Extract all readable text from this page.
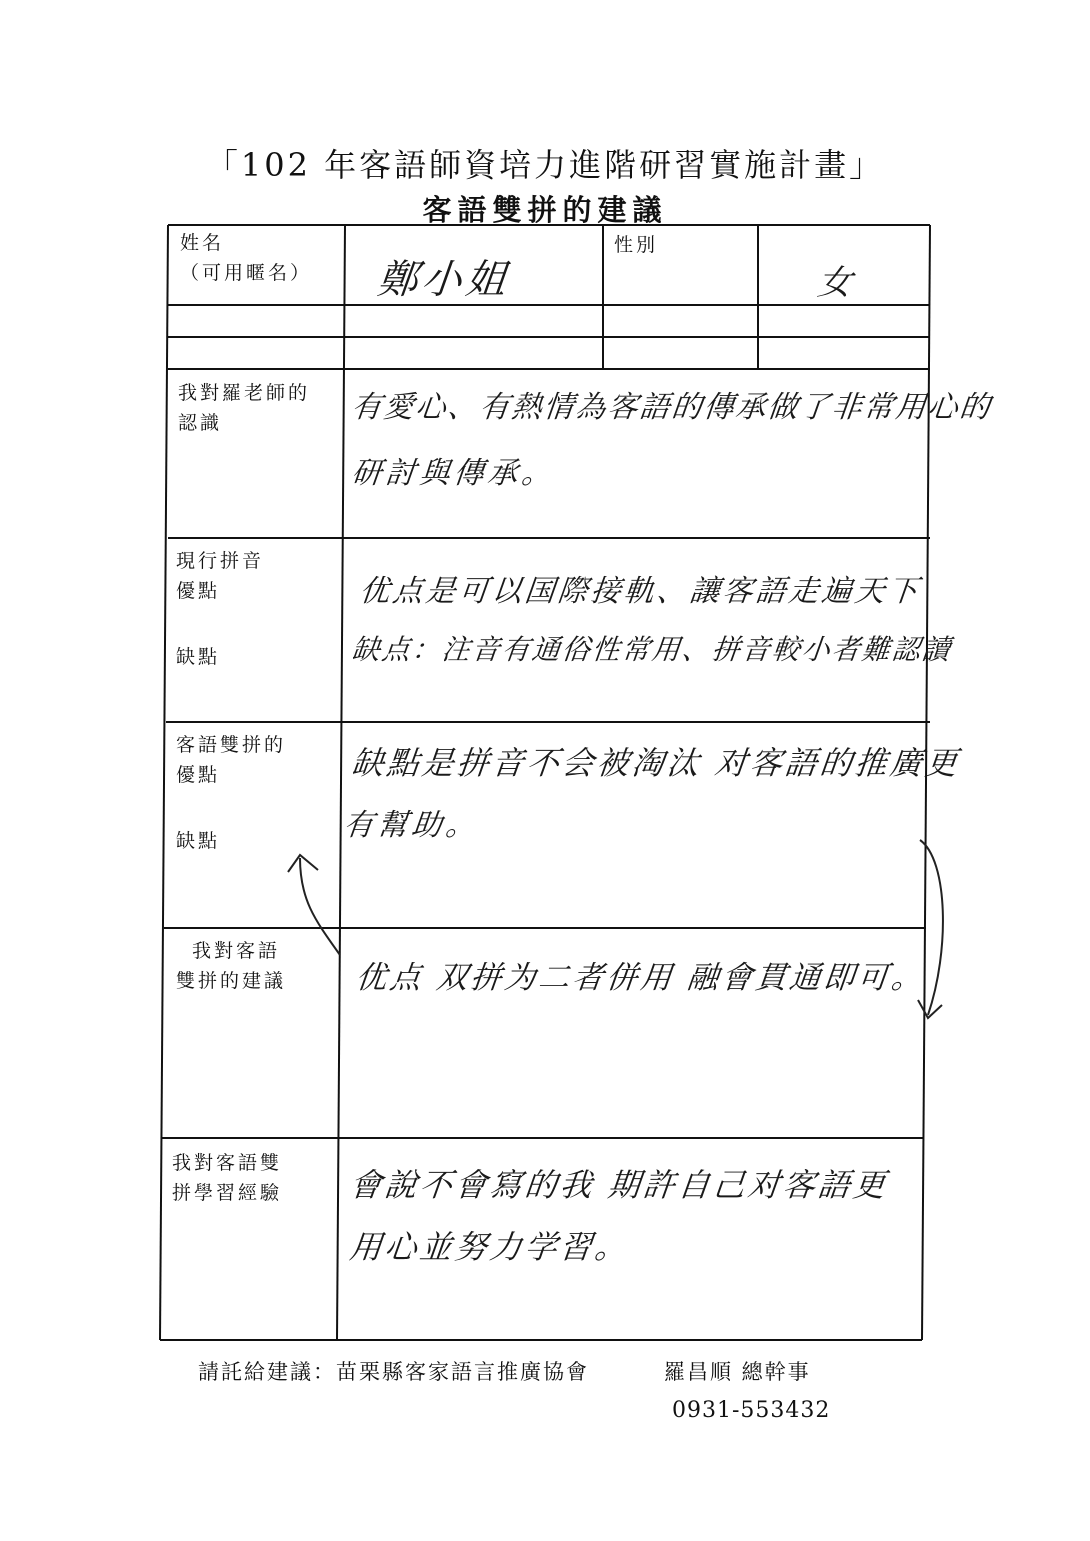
「102 年客語師資培力進階研習實施計畫」
客語雙拼的建議
姓名
（可用暱名） 鄭小姐
性別
女
我對羅老師的
認識	有愛心、有熱情為客語的傳承做了非常用心的
研討與傳承。
現行拼音
優點
缺點
优点是可以国際接軌、讓客語走遍天下
缺点：注音有通俗性常用、拼音較小者難認讀
客語雙拼的
優點
缺點
缺點是拼音不会被淘汰 对客語的推廣更
有幫助。
我對客語
雙拼的建議 优点 双拼为二者併用 融會貫通即可。
我對客語雙
拼學習經驗 會說不會寫的我 期許自己对客語更
用心並努力学習。
請託給建議：苗栗縣客家語言推廣協會	羅昌順 總幹事
0931-553432
